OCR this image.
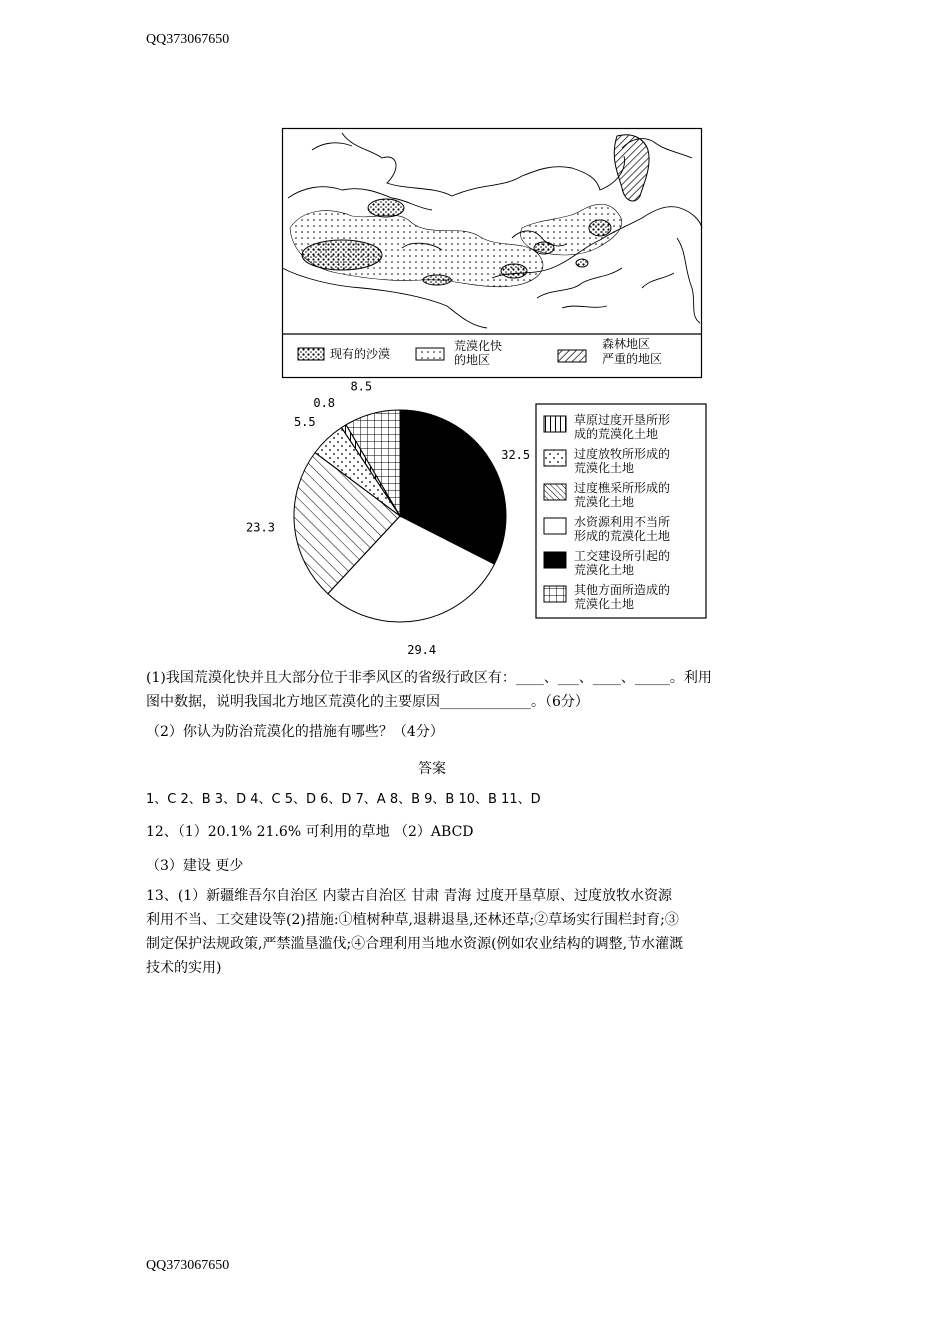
QQ373067650
现有的沙漠
荒漠化快
的地区
森林地区
严重的地区
32.5
29.4
23.3
5.5
0.8
8.5
草原过度开垦所形
成的荒漠化土地
过度放牧所形成的
荒漠化土地
过度樵采所形成的
荒漠化土地
水资源利用不当所
形成的荒漠化土地
工交建设所引起的
荒漠化土地
其他方面所造成的
荒漠化土地
(1)我国荒漠化快并且大部分位于非季风区的省级行政区有：____、___、____、_____。利用
图中数据，说明我国北方地区荒漠化的主要原因_____________。（6分）
（2）你认为防治荒漠化的措施有哪些？（4分）
答案
1、C 2、B 3、D 4、C 5、D 6、D 7、A 8、B 9、B 10、B 11、D
12、（1）20.1% 21.6% 可利用的草地 （2）ABCD
（3）建设 更少
13、(1）新疆维吾尔自治区 内蒙古自治区 甘肃 青海 过度开垦草原、过度放牧水资源
利用不当、工交建设等(2)措施:①植树种草,退耕退垦,还林还草;②草场实行围栏封育;③
制定保护法规政策,严禁滥垦滥伐;④合理利用当地水资源(例如农业结构的调整,节水灌溉
技术的实用)
QQ373067650
